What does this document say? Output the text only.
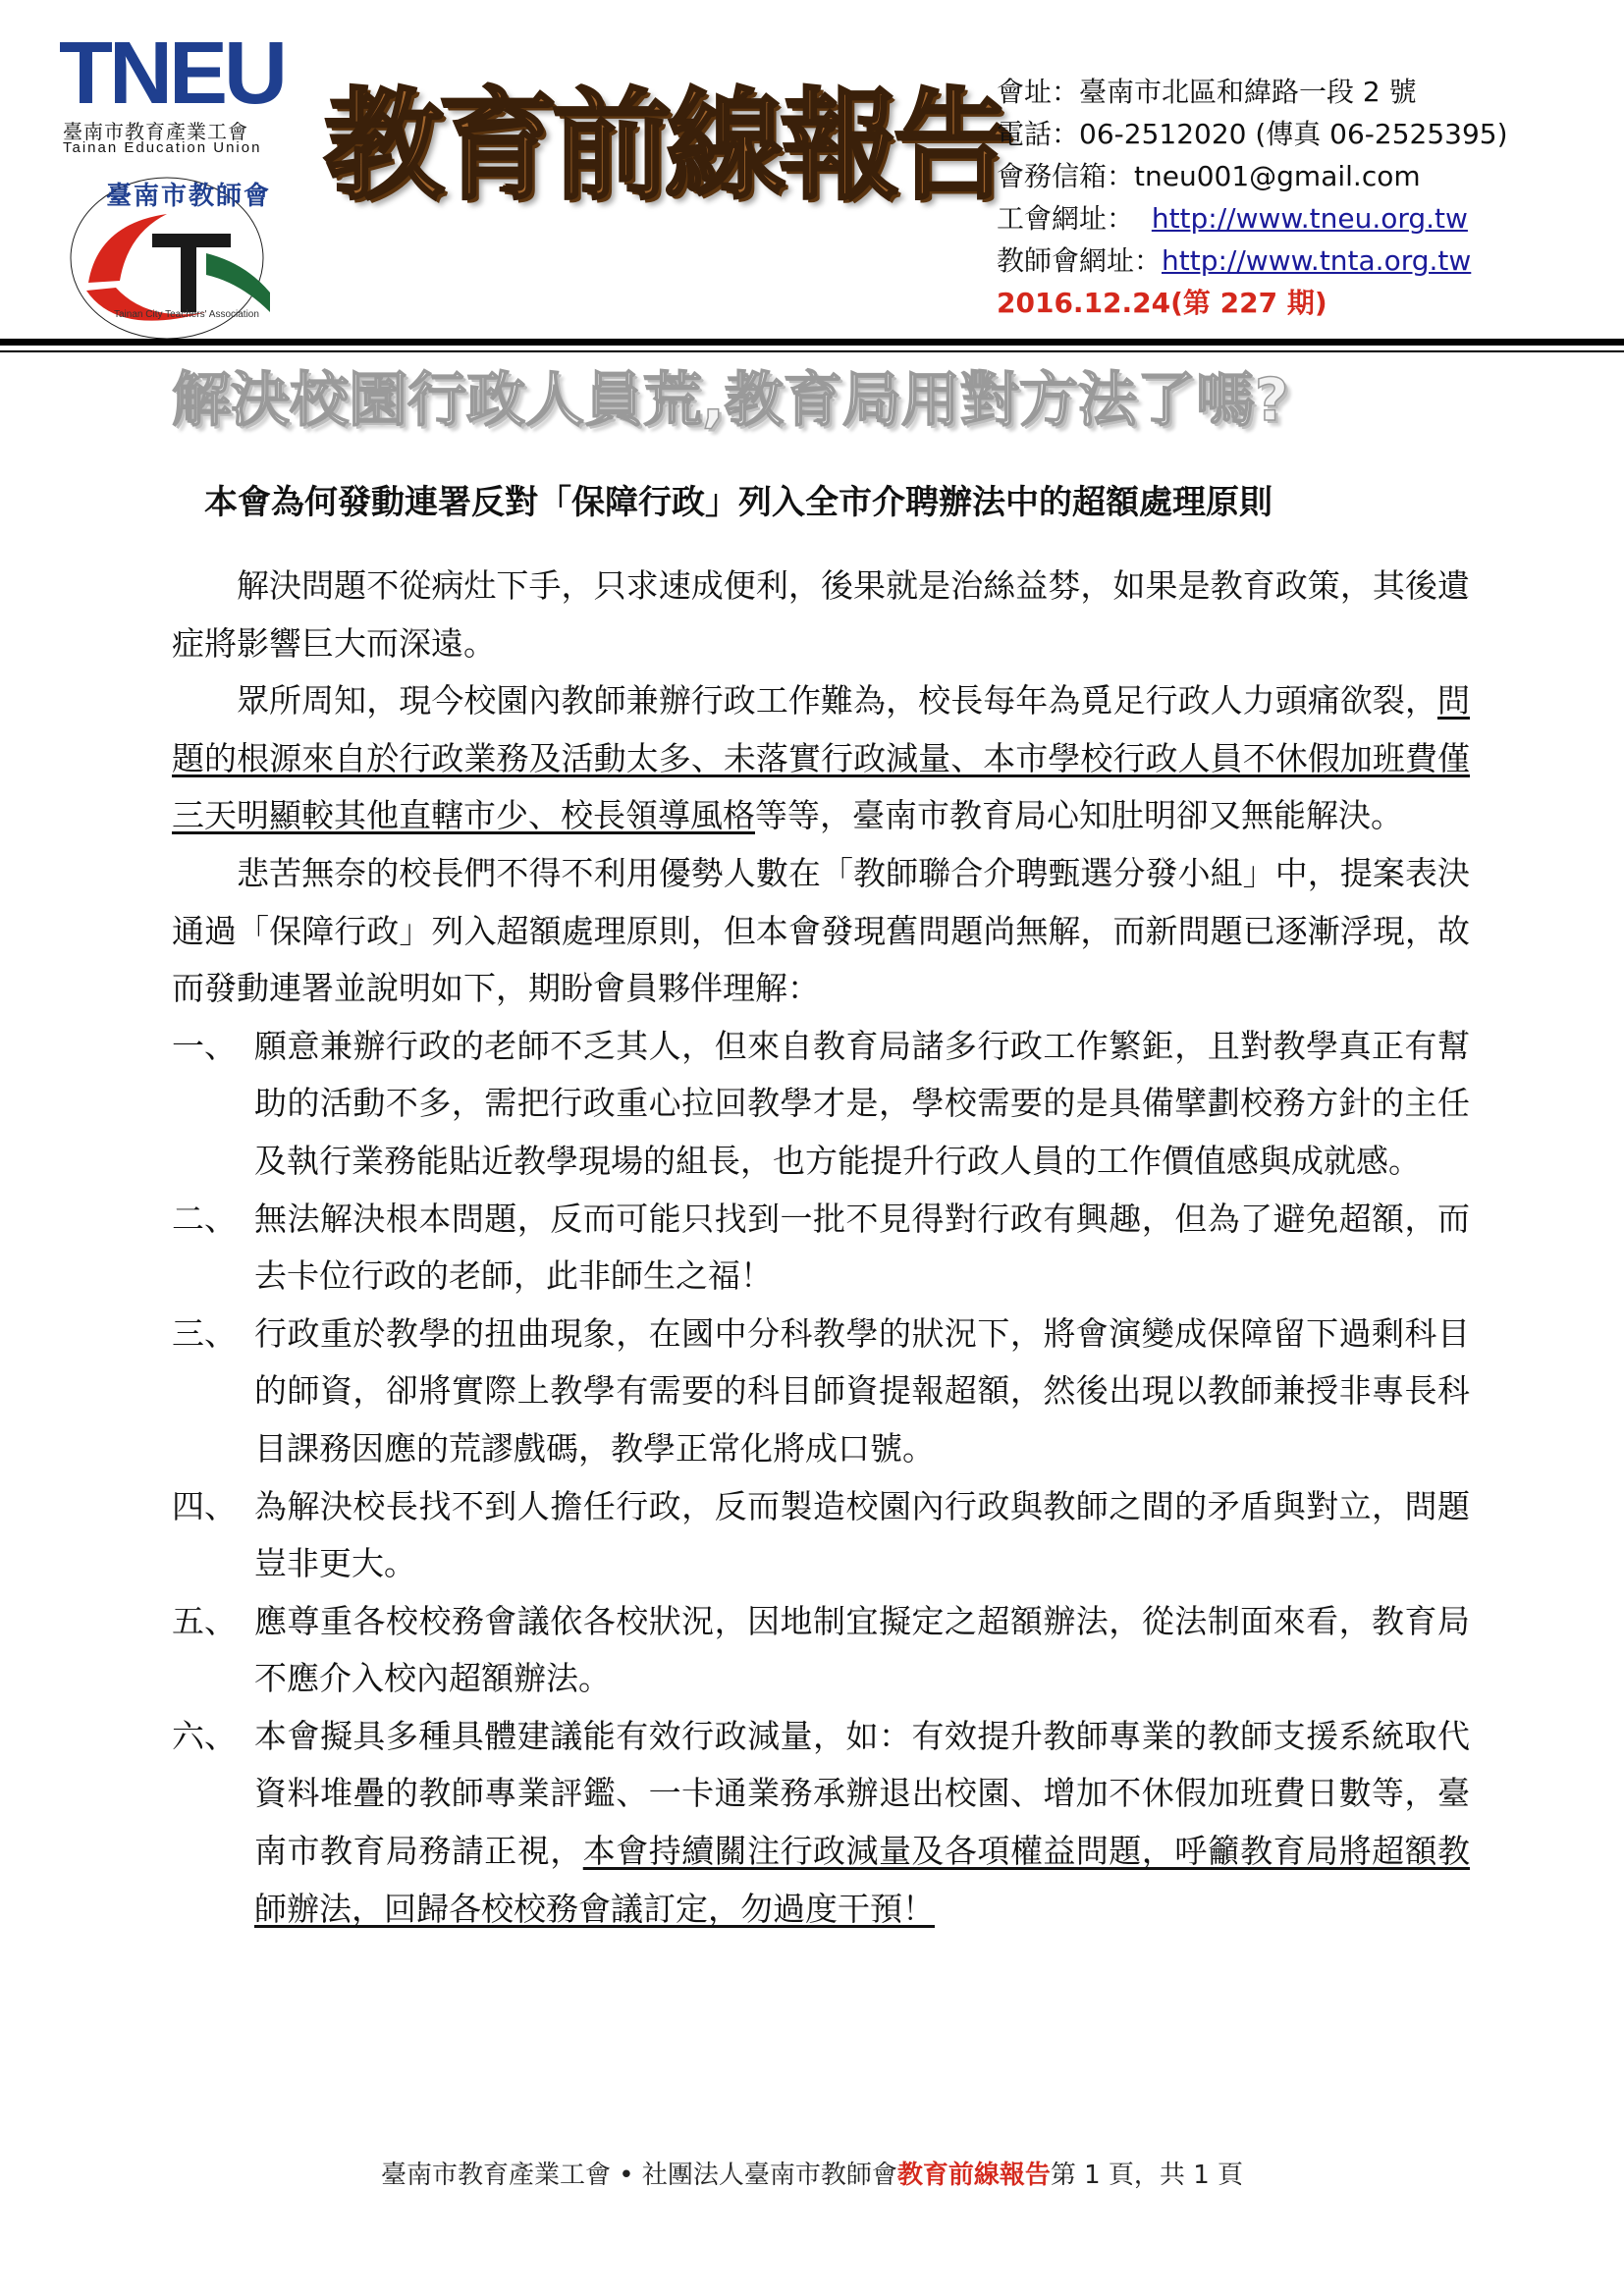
TNEU
臺南市教育產業工會
Tainan Education Union
臺南市教師會
Tainan City Teachers' Association
教育前線報告
會址：臺南市北區和緯路一段 2 號
電話：06-2512020 (傳真 06-2525395)
會務信箱：tneu001@gmail.com
工會網址： http://www.tneu.org.tw
教師會網址：http://www.tnta.org.tw
2016.12.24(第 227 期)
解決校園行政人員荒,教育局用對方法了嗎?
本會為何發動連署反對「保障行政」列入全市介聘辦法中的超額處理原則

解決問題不從病灶下手，只求速成便利，後果就是治絲益棼，如果是教育政策，其後遺症將影響巨大而深遠。

眾所周知，現今校園內教師兼辦行政工作難為，校長每年為覓足行政人力頭痛欲裂，問題的根源來自於行政業務及活動太多、未落實行政減量、本市學校行政人員不休假加班費僅三天明顯較其他直轄市少、校長領導風格等等，臺南市教育局心知肚明卻又無能解決。

悲苦無奈的校長們不得不利用優勢人數在「教師聯合介聘甄選分發小組」中，提案表決通過「保障行政」列入超額處理原則，但本會發現舊問題尚無解，而新問題已逐漸浮現，故而發動連署並說明如下，期盼會員夥伴理解：

一、 願意兼辦行政的老師不乏其人，但來自教育局諸多行政工作繁鉅，且對教學真正有幫助的活動不多，需把行政重心拉回教學才是，學校需要的是具備擘劃校務方針的主任及執行業務能貼近教學現場的組長，也方能提升行政人員的工作價值感與成就感。
二、 無法解決根本問題，反而可能只找到一批不見得對行政有興趣，但為了避免超額，而去卡位行政的老師，此非師生之福！
三、 行政重於教學的扭曲現象，在國中分科教學的狀況下，將會演變成保障留下過剩科目的師資，卻將實際上教學有需要的科目師資提報超額，然後出現以教師兼授非專長科目課務因應的荒謬戲碼，教學正常化將成口號。
四、 為解決校長找不到人擔任行政，反而製造校園內行政與教師之間的矛盾與對立，問題豈非更大。
五、 應尊重各校校務會議依各校狀況，因地制宜擬定之超額辦法，從法制面來看，教育局不應介入校內超額辦法。
六、 本會擬具多種具體建議能有效行政減量，如：有效提升教師專業的教師支援系統取代資料堆疊的教師專業評鑑、一卡通業務承辦退出校園、增加不休假加班費日數等，臺南市教育局務請正視，本會持續關注行政減量及各項權益問題，呼籲教育局將超額教師辦法，回歸各校校務會議訂定，勿過度干預！
臺南市教育產業工會 • 社團法人臺南市教師會教育前線報告第 1 頁，共 1 頁
